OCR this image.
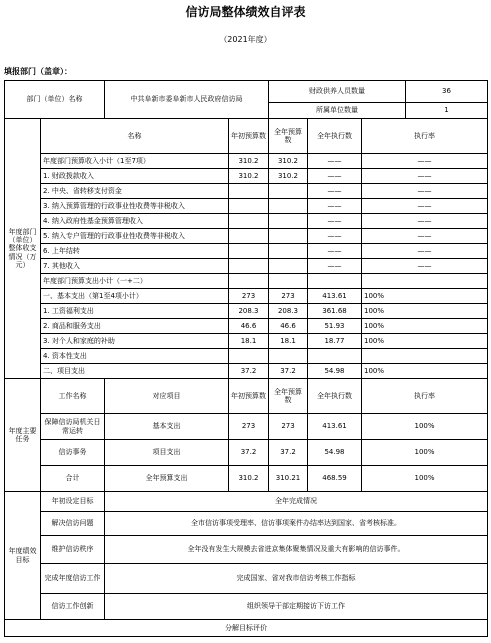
信访局整体绩效自评表
（2021年度）
填报部门（盖章）：
部门（单位）名称		中共阜新市委阜新市人民政府信访局		财政供养人员数量			36
				所属单位数量			1
年度部门（单位）整体收支情况（万元）	名称		年初预算数	全年预算数	全年执行数	执行率	
	年度部门预算收入小计（1至7项）		310.2	310.2	——	——	
	1. 财政拨款收入		310.2	310.2	——	——	
	2. 中央、省转移支付资金				——	——	
	3. 纳入预算管理的行政事业性收费等非税收入				——	——	
	4. 纳入政府性基金预算管理收入				——	——	
	5. 纳入专户管理的行政事业性收费等非税收入				——	——	
	6. 上年结转				——	——	
	7. 其他收入				——	——	
	年度部门预算支出小计（一+二）						
	一、基本支出（第1至4项小计）		273	273	413.61	100%	
	1. 工资福利支出		208.3	208.3	361.68	100%	
	2. 商品和服务支出		46.6	46.6	51.93	100%	
	3. 对个人和家庭的补助		18.1	18.1	18.77	100%	
	4. 资本性支出						
	二、项目支出		37.2	37.2	54.98	100%	
年度主要任务	工作名称	对应项目	年初预算数	全年预算数	全年执行数	执行率	
	保障信访局机关日常运转	基本支出	273	273	413.61	100%	
	信访事务	项目支出	37.2	37.2	54.98	100%	
	合计	全年预算支出	310.2	310.21	468.59	100%	
年度绩效目标	年初设定目标	全年完成情况					
	解决信访问题	全市信访事项受理率、信访事项案件办结率达到国家、省考核标准。					
	维护信访秩序	全年没有发生大规模去省进京集体聚集情况及重大有影响的信访事件。					
	完成年度信访工作	完成国家、省对我市信访考核工作指标					
	信访工作创新	组织领导干部定期接访下访工作					
分解目标评价							
